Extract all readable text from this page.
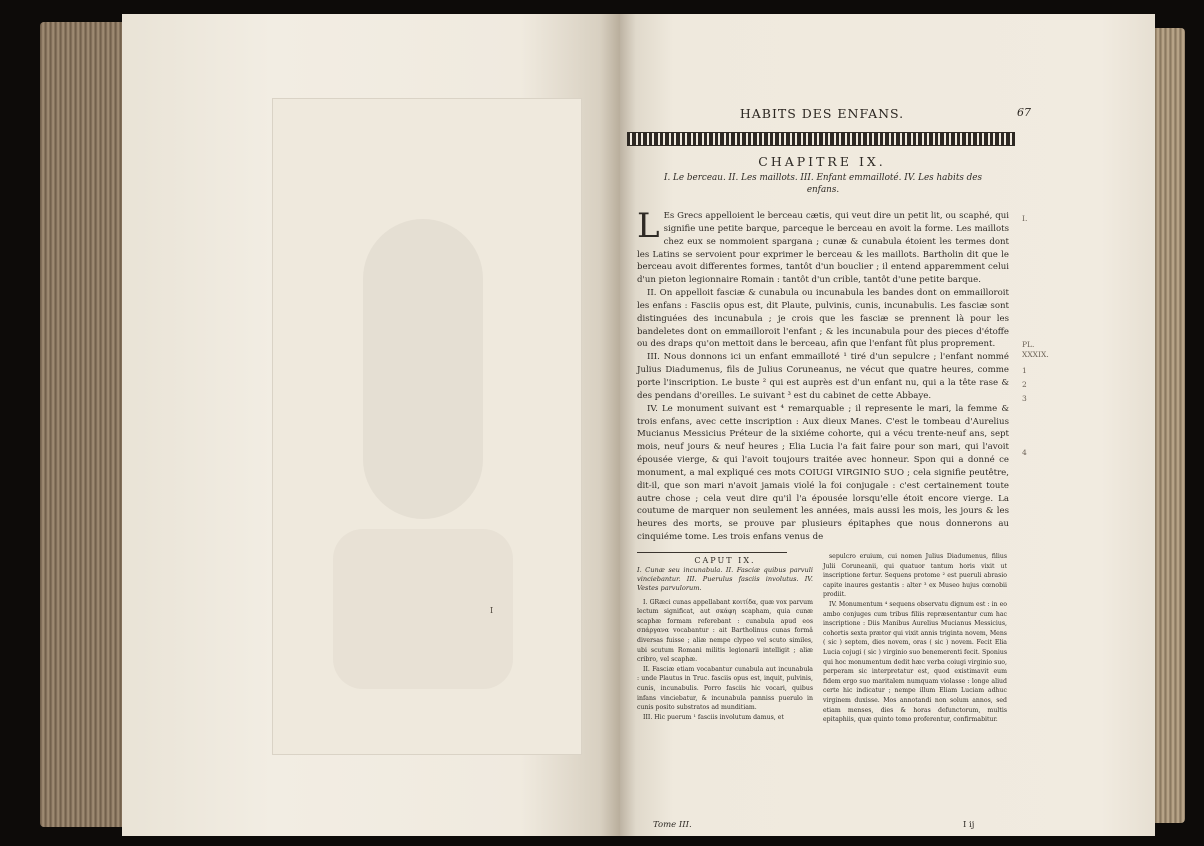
I
HABITS DES ENFANS.	67
CHAPITRE IX.
I. Le berceau. II. Les maillots. III. Enfant emmailloté. IV. Les habits des enfans.

L Es Grecs appelloient le berceau cætis, qui veut dire un petit lit, ou scaphé, qui signifie une petite barque, parceque le berceau en avoit la forme. Les maillots chez eux se nommoient spargana ; cunæ & cunabula étoient les termes dont les Latins se servoient pour exprimer le berceau & les maillots. Bartholin dit que le berceau avoit differentes formes, tantôt d'un bouclier ; il entend apparemment celui d'un pieton legionnaire Romain : tantôt d'un crible, tantôt d'une petite barque.

II. On appelloit fasciæ & cunabula ou incunabula les bandes dont on emmailloroit les enfans : Fasciis opus est, dit Plaute, pulvinis, cunis, incunabulis. Les fasciæ sont distinguées des incunabula ; je crois que les fasciæ se prennent là pour les bandeletes dont on emmailloroit l'enfant ; & les incunabula pour des pieces d'étoffe ou des draps qu'on mettoit dans le berceau, afin que l'enfant fût plus proprement.

III. Nous donnons ici un enfant emmailloté ¹ tiré d'un sepulcre ; l'enfant nommé Julius Diadumenus, fils de Julius Coruneanus, ne vécut que quatre heures, comme porte l'inscription. Le buste ² qui est auprès est d'un enfant nu, qui a la tête rase & des pendans d'oreilles. Le suivant ³ est du cabinet de cette Abbaye.

IV. Le monument suivant est ⁴ remarquable ; il represente le mari, la femme & trois enfans, avec cette inscription : Aux dieux Manes. C'est le tombeau d'Aurelius Mucianus Messicius Préteur de la sixiéme cohorte, qui a vécu trente-neuf ans, sept mois, neuf jours & neuf heures ; Elia Lucia l'a fait faire pour son mari, qui l'avoit épousée vierge, & qui l'avoit toujours traitée avec honneur. Spon qui a donné ce monument, a mal expliqué ces mots COIUGI VIRGINIO SUO ; cela signifie peutêtre, dit-il, que son mari n'avoit jamais violé la foi conjugale : c'est certainement toute autre chose ; cela veut dire qu'il l'a épousée lorsqu'elle étoit encore vierge. La coutume de marquer non seulement les années, mais aussi les mois, les jours & les heures des morts, se prouve par plusieurs épitaphes que nous donnerons au cinquiéme tome. Les trois enfans venus de

I.
PL.
XXXIX.
1
2
3
4

CAPUT IX.

I. Cunæ seu incunabula. II. Fasciæ quibus parvuli vinciebantur. III. Puerulus fasciis involutus. IV. Vestes parvulorum.

I. GRæci cunas appellabant κοιτίδα, quæ vox parvum lectum significat, aut σκάφη scapham, quia cunæ scaphæ formam referebant : cunabula apud eos σπάργανα vocabantur : ait Bartholinus cunas formâ diversas fuisse ; aliæ nempe clypeo vel scuto similes, ubi scutum Romani militis legionarii intelligit ; aliæ cribro, vel scaphæ.

II. Fasciæ etiam vocabantur cunabula aut incunabula : unde Plautus in Truc. fasciis opus est, inquit, pulvinis, cunis, incunabulis. Porro fasciis hic vocari, quibus infans vinciebatur, & incunabula panniss puerulo in cunis posito substratos ad munditiam.

III. Hic puerum ¹ fasciis involutum damus, et

sepulcro eruium, cui nomen Julius Diadumenus, filius Julii Coruneanii, qui quatuor tantum horis vixit ut inscriptione fertur. Sequens protome ² est pueruli abrasio capite inaures gestantis : alter ³ ex Museo hujus cœnobii prodiit.

IV. Monumentum ⁴ sequens observatu dignum est : in eo ambo conjuges cum tribus filiis repræsentantur cum hac inscriptione : Diis Manibus Aurelius Mucianus Messicius, cohortis sexta prætor qui vixit annis triginta novem, Mens ( sic ) septem, dies novem, oras ( sic ) novem. Fecit Elia Lucia cojugi ( sic ) virginio suo benemerenti fecit. Sponius qui hoc monumentum dedit hæc verba coiugi virginio suo, perperam sic interpretatur est, quod existimavit eum fidem ergo suo maritalem numquam violasse : longe aliud certe hic indicatur ; nempe illum Eliam Luciam adhuc virginem duxisse. Mos annotandi non solum annos, sed etiam menses, dies & horas defunctorum, multis epitaphiis, quæ quinto tomo proferentur, confirmabitur.

Tome III.	I ij
